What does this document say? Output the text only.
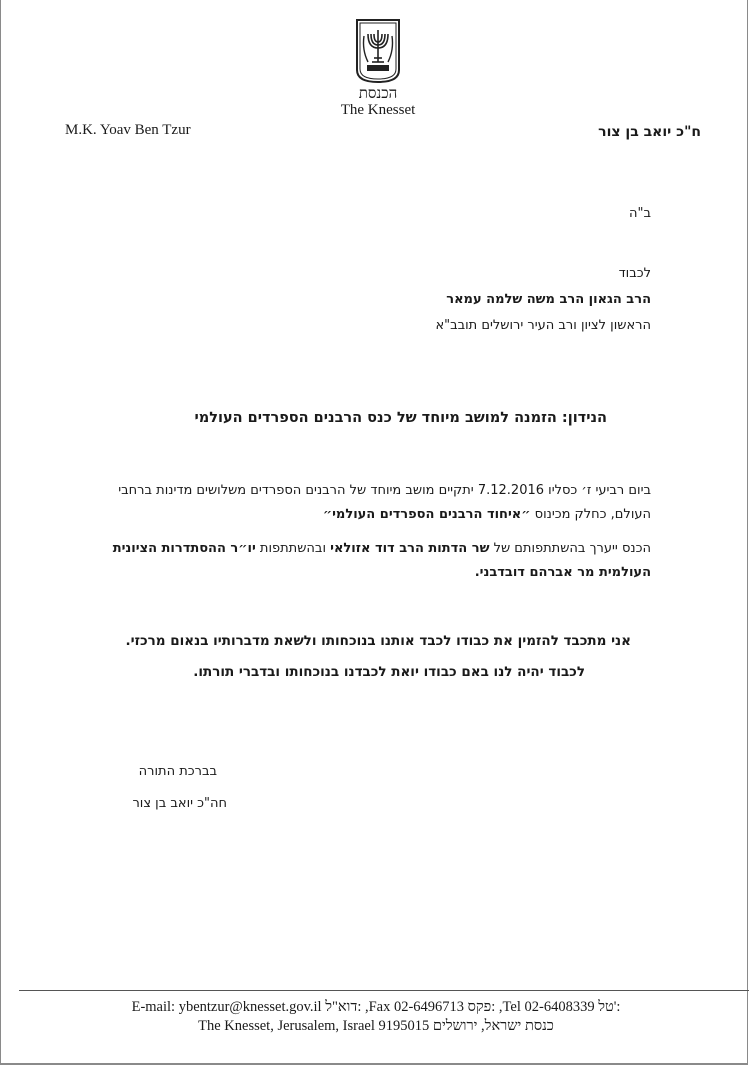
הכנסת
The Knesset
M.K. Yoav Ben Tzur	ח"כ יואב בן צור
ב"ה
לכבוד
הרב הגאון הרב משה שלמה עמאר
הראשון לציון ורב העיר ירושלים תובב"א
הנידון: הזמנה למושב מיוחד של כנס הרבנים הספרדים העולמי
ביום רביעי ז׳ כסליו 7.12.2016 יתקיים מושב מיוחד של הרבנים הספרדים משלושים מדינות ברחבי העולם, כחלק מכינוס ״איחוד הרבנים הספרדים העולמי״
הכנס ייערך בהשתתפותם של שר הדתות הרב דוד אזולאי ובהשתתפות יו״ר ההסתדרות הציונית העולמית מר אברהם דובדבני.
אני מתכבד להזמין את כבודו לכבד אותנו בנוכחותו ולשאת מדברותיו בנאום מרכזי.
לכבוד יהיה לנו באם כבודו יואת לכבדנו בנוכחותו ובדברי תורתו.
בברכת התורה
חה"כ יואב בן צור
E-mail: ybentzur@knesset.gov.il דוא"ל: ,Fax 02-6496713 פקס: ,Tel 02-6408339 טל':
The Knesset, Jerusalem, Israel 9195015 כנסת ישראל, ירושלים
